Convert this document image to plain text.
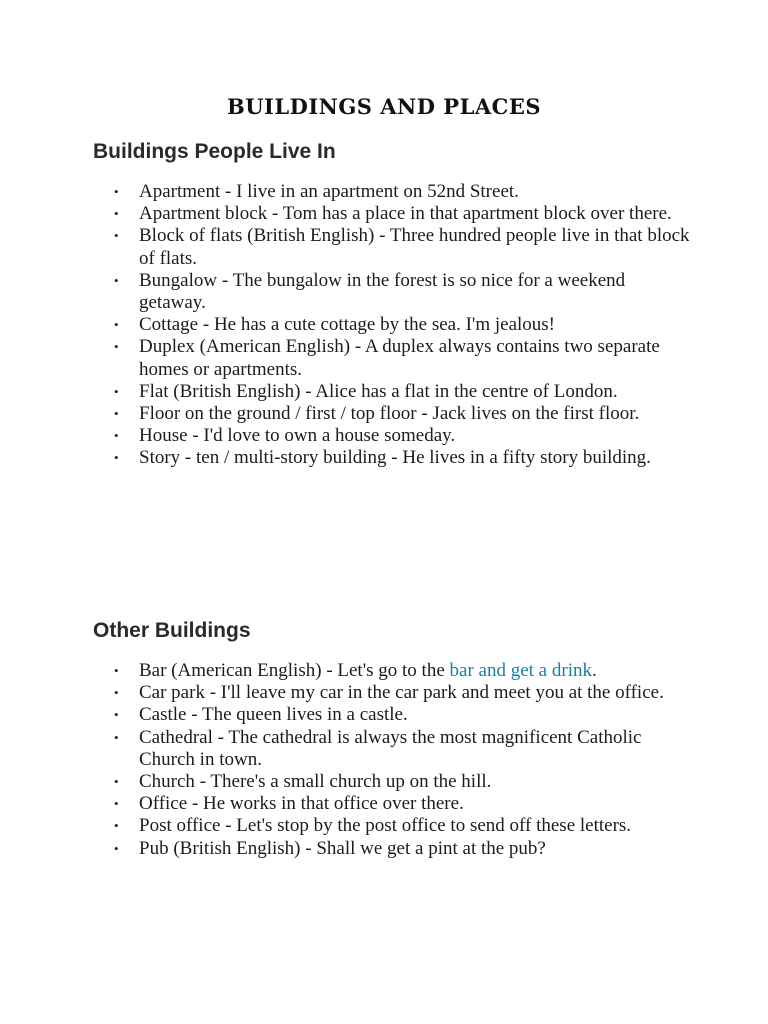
BUILDINGS AND PLACES
Buildings People Live In
• Apartment - I live in an apartment on 52nd Street.
• Apartment block - Tom has a place in that apartment block over there.
• Block of flats (British English) - Three hundred people live in that block of flats.
• Bungalow - The bungalow in the forest is so nice for a weekend getaway.
• Cottage - He has a cute cottage by the sea. I'm jealous!
• Duplex (American English) - A duplex always contains two separate homes or apartments.
• Flat (British English) - Alice has a flat in the centre of London.
• Floor on the ground / first / top floor - Jack lives on the first floor.
• House - I'd love to own a house someday.
• Story - ten / multi-story building - He lives in a fifty story building.
Other Buildings
• Bar (American English) - Let's go to the bar and get a drink.
• Car park - I'll leave my car in the car park and meet you at the office.
• Castle - The queen lives in a castle.
• Cathedral - The cathedral is always the most magnificent Catholic Church in town.
• Church - There's a small church up on the hill.
• Office - He works in that office over there.
• Post office - Let's stop by the post office to send off these letters.
• Pub (British English) - Shall we get a pint at the pub?
